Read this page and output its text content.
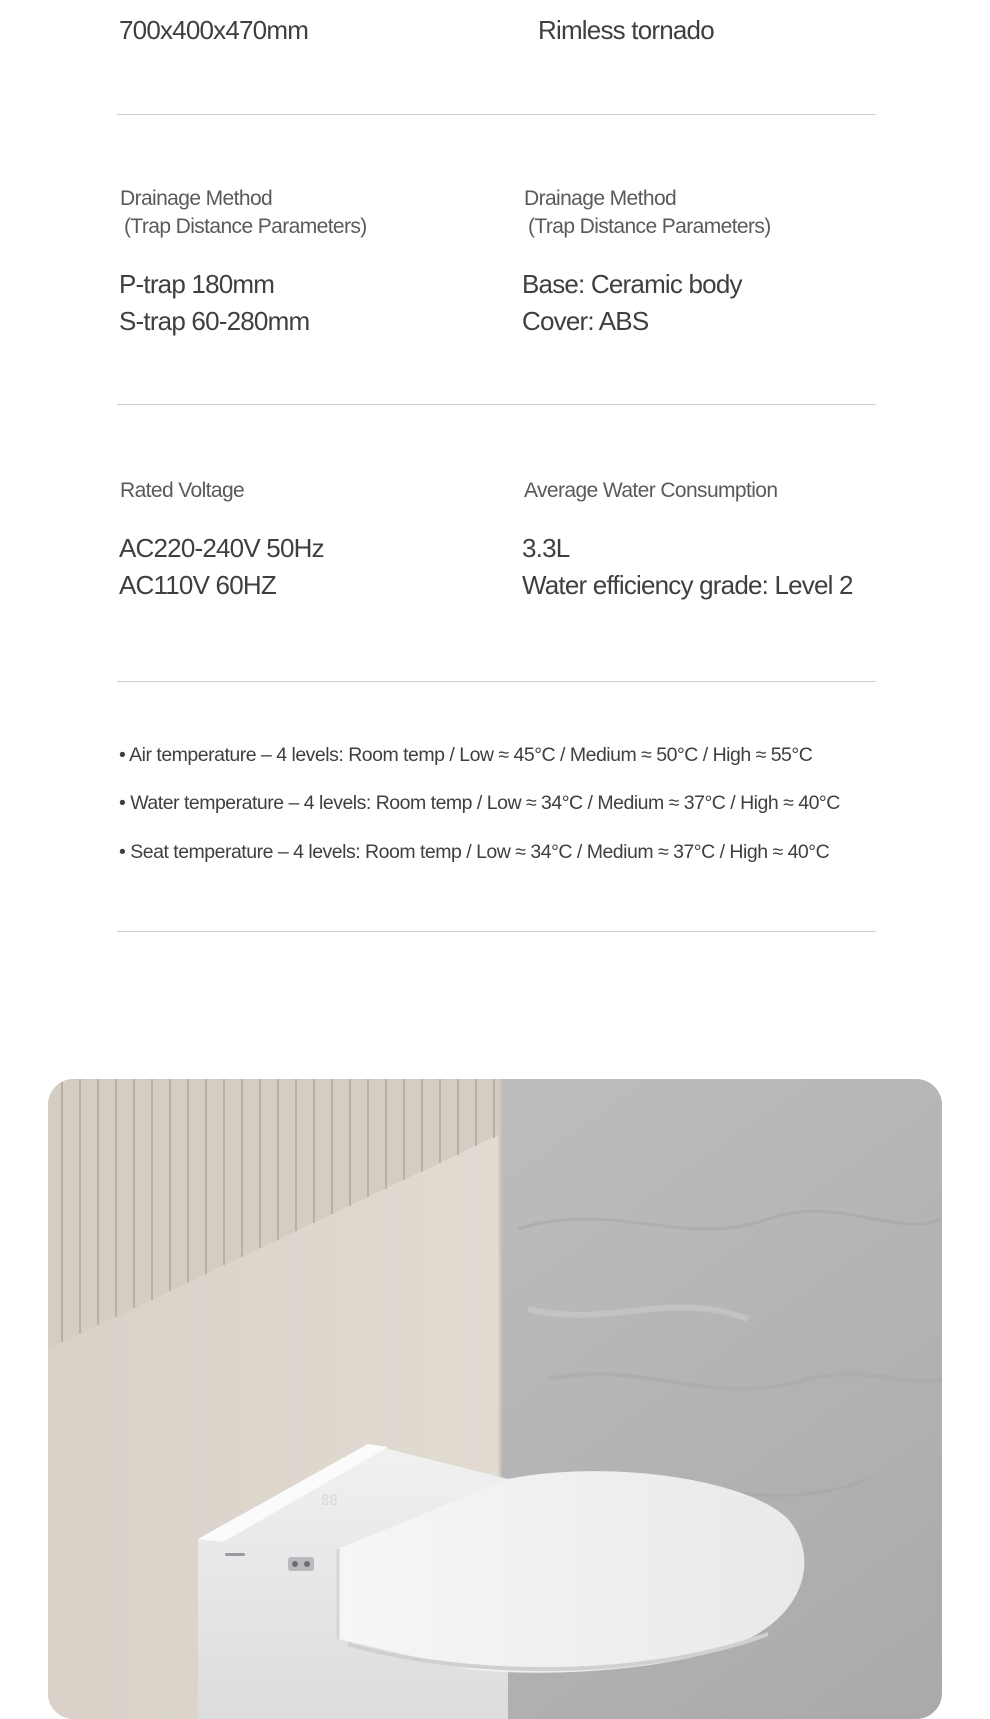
700x400x470mm	Rimless tornado
Drainage Method
(Trap Distance Parameters)
P-trap 180mm
S-trap 60-280mm
Drainage Method
(Trap Distance Parameters)
Base: Ceramic body
Cover: ABS
Rated Voltage
AC220-240V 50Hz
AC110V 60HZ
Average Water Consumption
3.3L
Water efficiency grade: Level 2
• Air temperature – 4 levels: Room temp / Low ≈ 45°C / Medium ≈ 50°C / High ≈ 55°C
• Water temperature – 4 levels: Room temp / Low ≈ 34°C / Medium ≈ 37°C / High ≈ 40°C
• Seat temperature – 4 levels: Room temp / Low ≈ 34°C / Medium ≈ 37°C / High ≈ 40°C
88
